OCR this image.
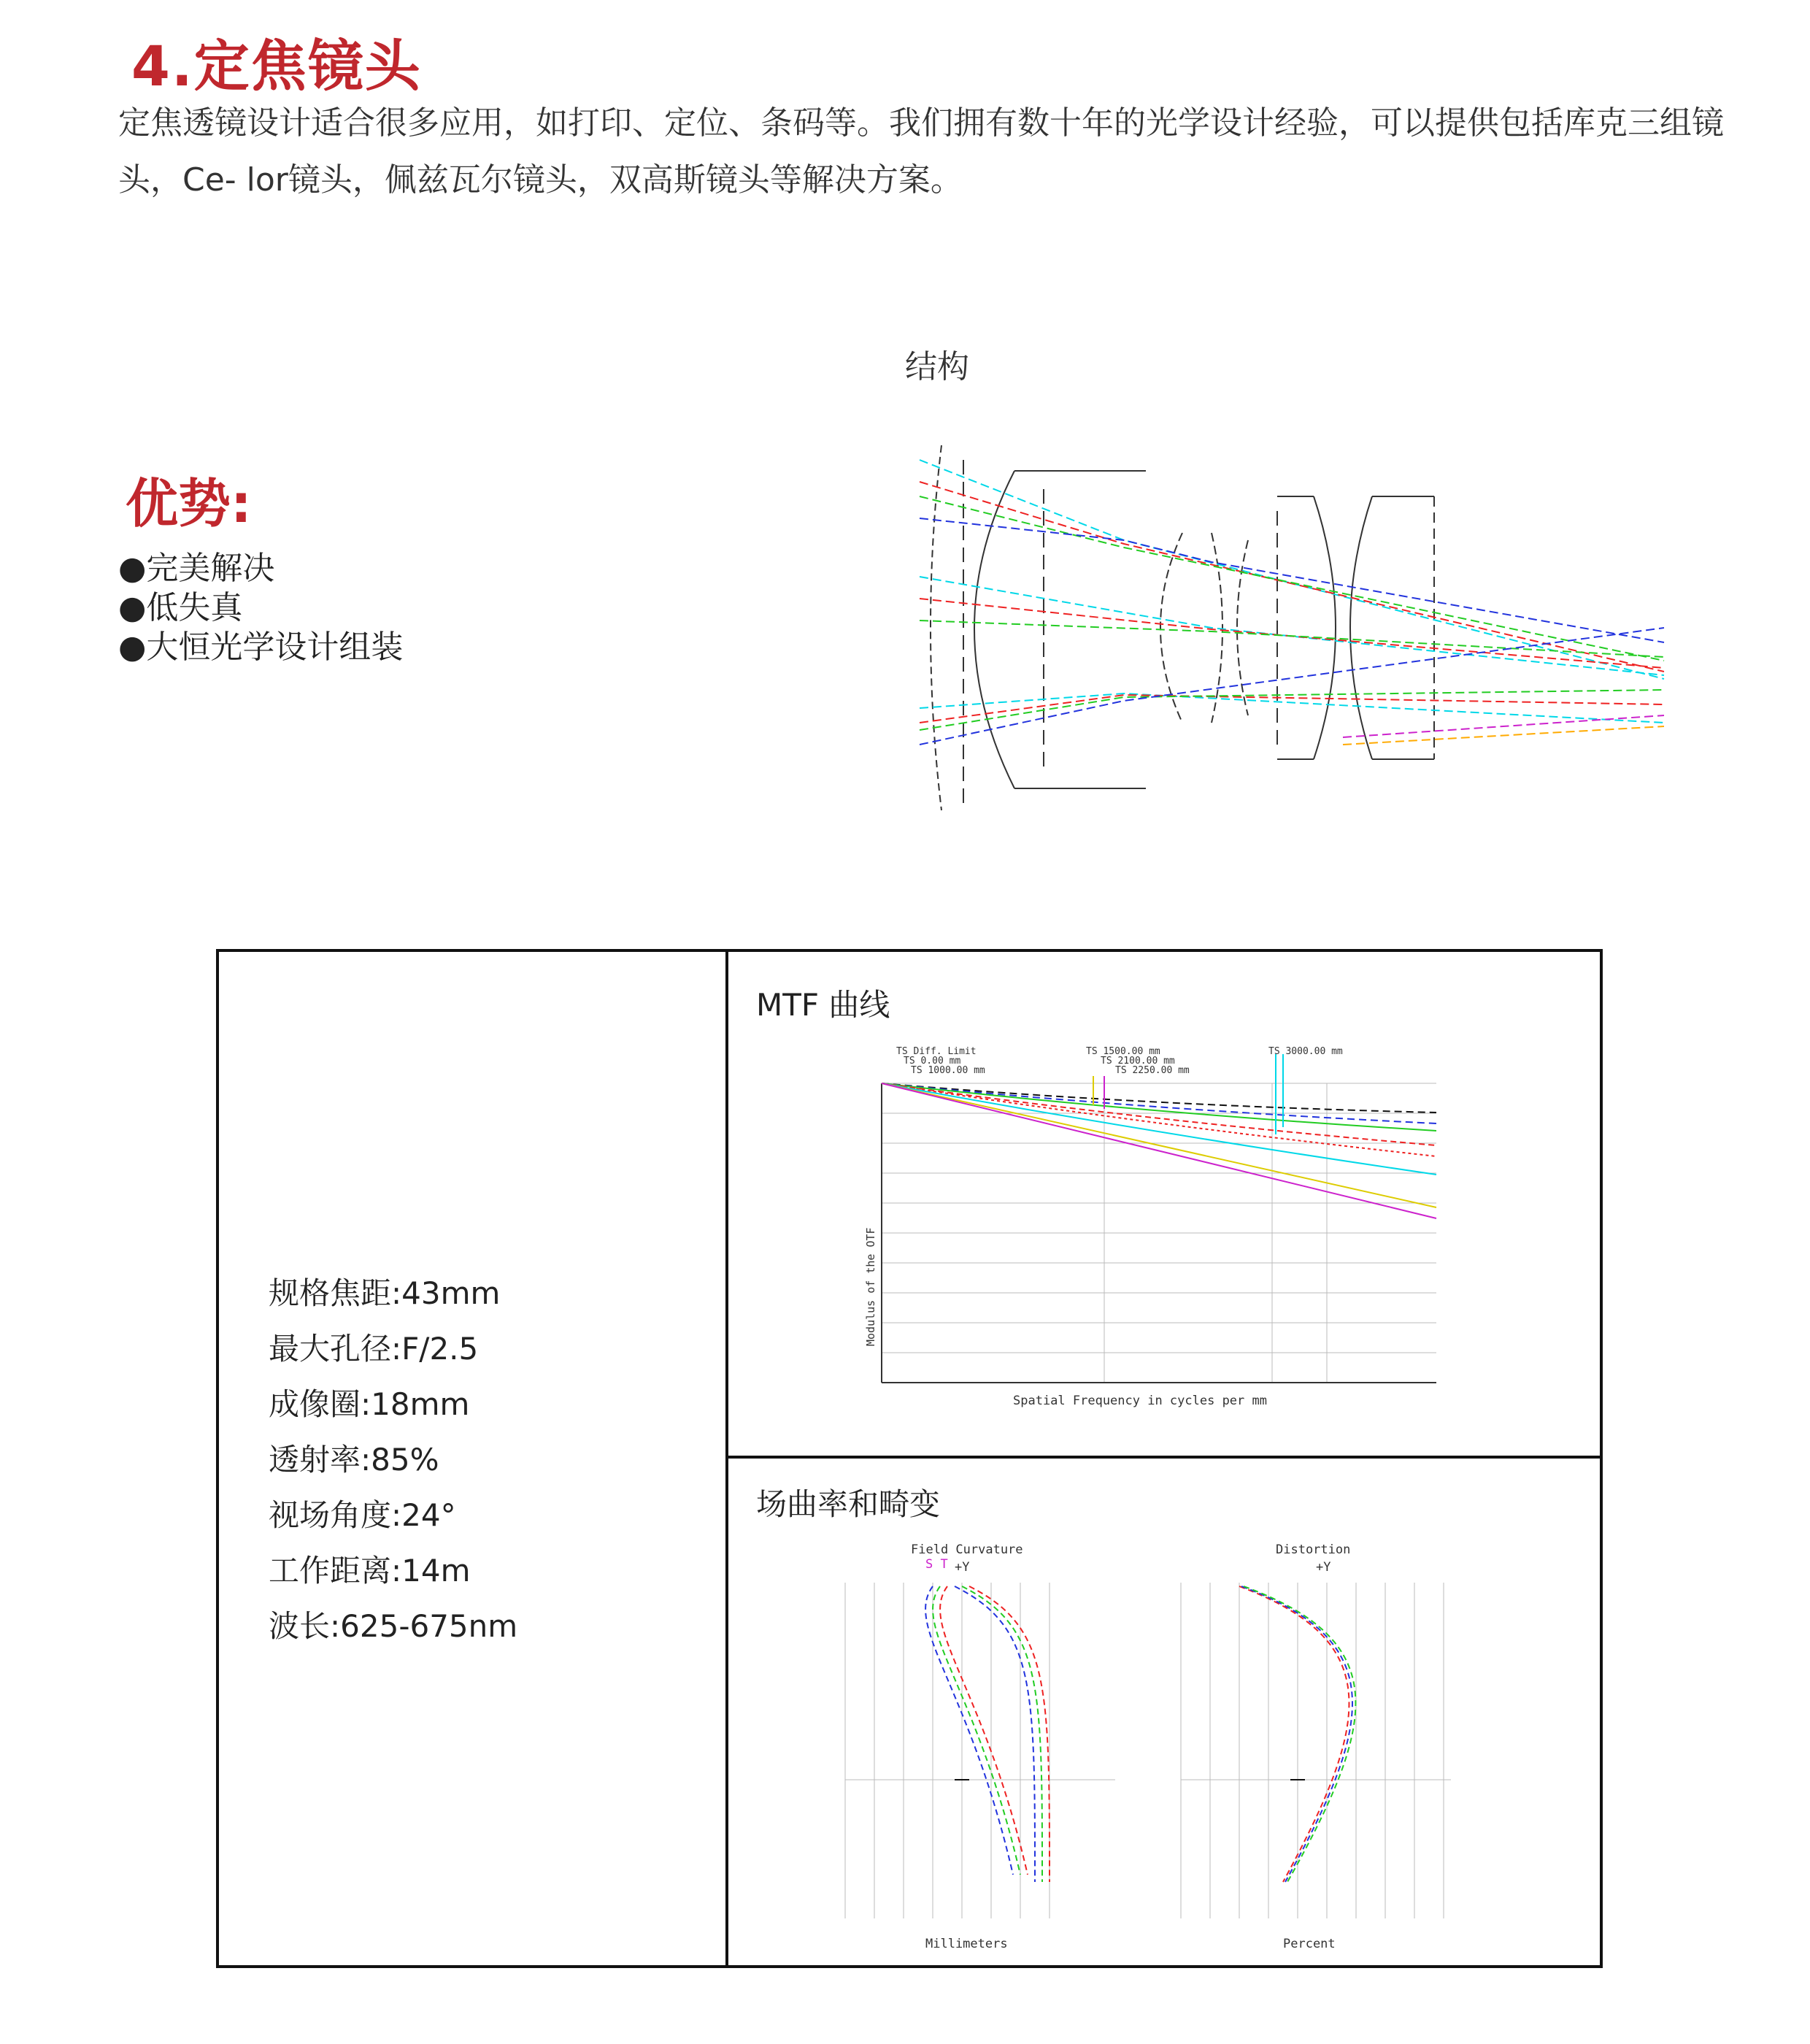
4.定焦镜头
定焦透镜设计适合很多应用，如打印、定位、条码等。我们拥有数十年的光学设计经验，可以提供包括库克三组镜头，Ce- lor镜头，佩兹瓦尔镜头，双高斯镜头等解决方案。
结构
优势:
●完美解决
●低失真
●大恒光学设计组装
规格焦距:43mm
最大孔径:F/2.5
成像圈:18mm
透射率:85%
视场角度:24°
工作距离:14m
波长:625-675nm
MTF 曲线
TS Diff. Limit
TS 0.00 mm
TS 1000.00 mm
TS 1500.00 mm
TS 2100.00 mm
TS 2250.00 mm
TS 3000.00 mm
Modulus of the OTF
Spatial Frequency in cycles per mm
场曲率和畸变
Field Curvature
S T +Y
Distortion
+Y
Millimeters	Percent
